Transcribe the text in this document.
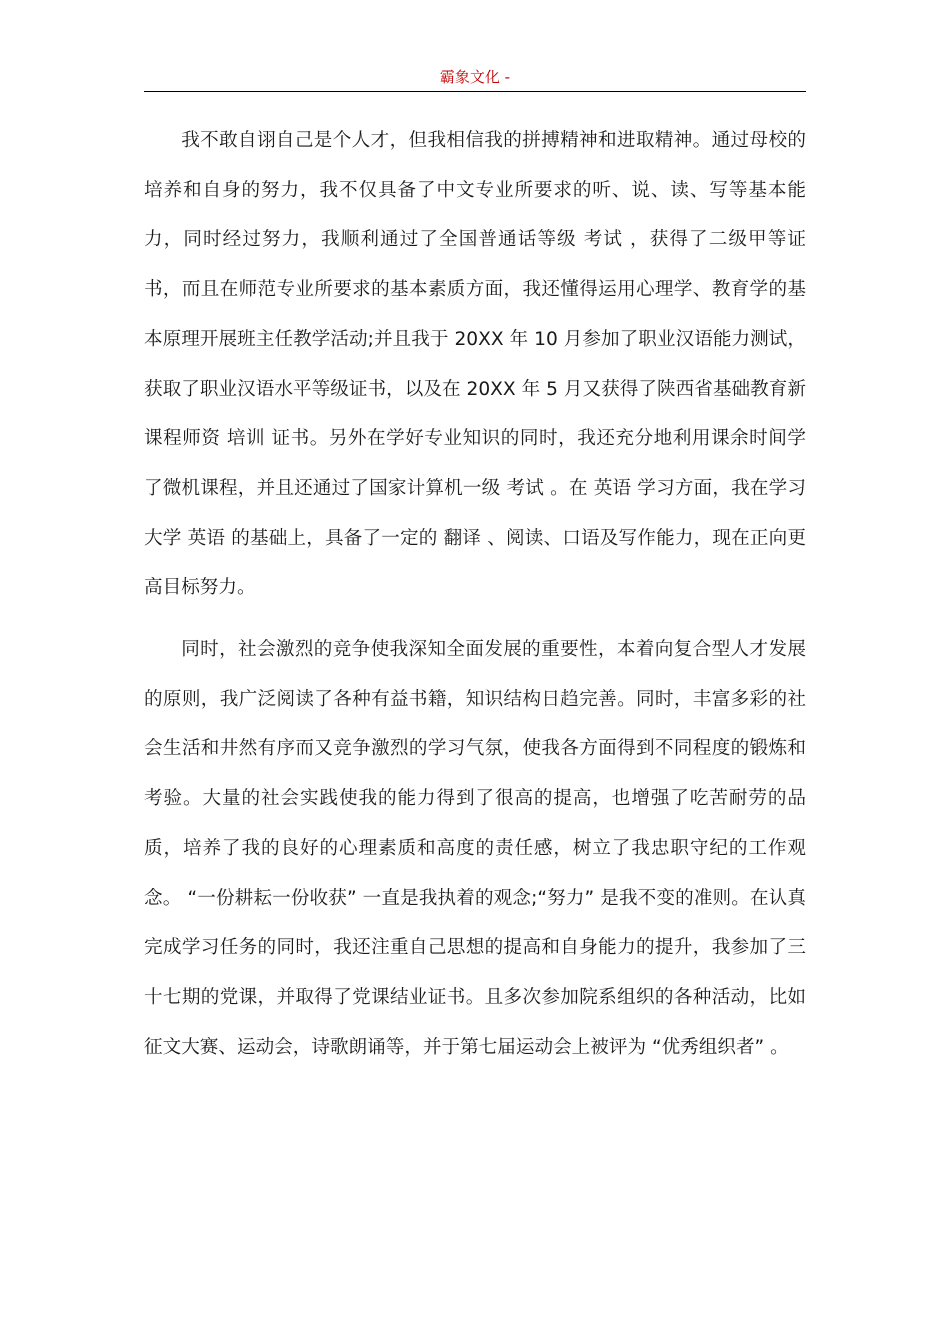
霸象文化 -

我不敢自诩自己是个人才，但我相信我的拼搏精神和进取精神。通过母校的培养和自身的努力，我不仅具备了中文专业所要求的听、说、读、写等基本能力，同时经过努力，我顺利通过了全国普通话等级 考试 ，获得了二级甲等证书，而且在师范专业所要求的基本素质方面，我还懂得运用心理学、教育学的基本原理开展班主任教学活动;并且我于 20XX 年 10 月参加了职业汉语能力测试，获取了职业汉语水平等级证书，以及在 20XX 年 5 月又获得了陕西省基础教育新课程师资 培训 证书。另外在学好专业知识的同时，我还充分地利用课余时间学了微机课程，并且还通过了国家计算机一级 考试 。在 英语 学习方面，我在学习大学 英语 的基础上，具备了一定的 翻译 、阅读、口语及写作能力，现在正向更高目标努力。

同时，社会激烈的竞争使我深知全面发展的重要性，本着向复合型人才发展的原则，我广泛阅读了各种有益书籍，知识结构日趋完善。同时，丰富多彩的社会生活和井然有序而又竞争激烈的学习气氛，使我各方面得到不同程度的锻炼和考验。大量的社会实践使我的能力得到了很高的提高，也增强了吃苦耐劳的品质，培养了我的良好的心理素质和高度的责任感，树立了我忠职守纪的工作观念。 “一份耕耘一份收获” 一直是我执着的观念;“努力” 是我不变的准则。在认真完成学习任务的同时，我还注重自己思想的提高和自身能力的提升，我参加了三十七期的党课，并取得了党课结业证书。且多次参加院系组织的各种活动，比如征文大赛、运动会，诗歌朗诵等，并于第七届运动会上被评为 “优秀组织者” 。
